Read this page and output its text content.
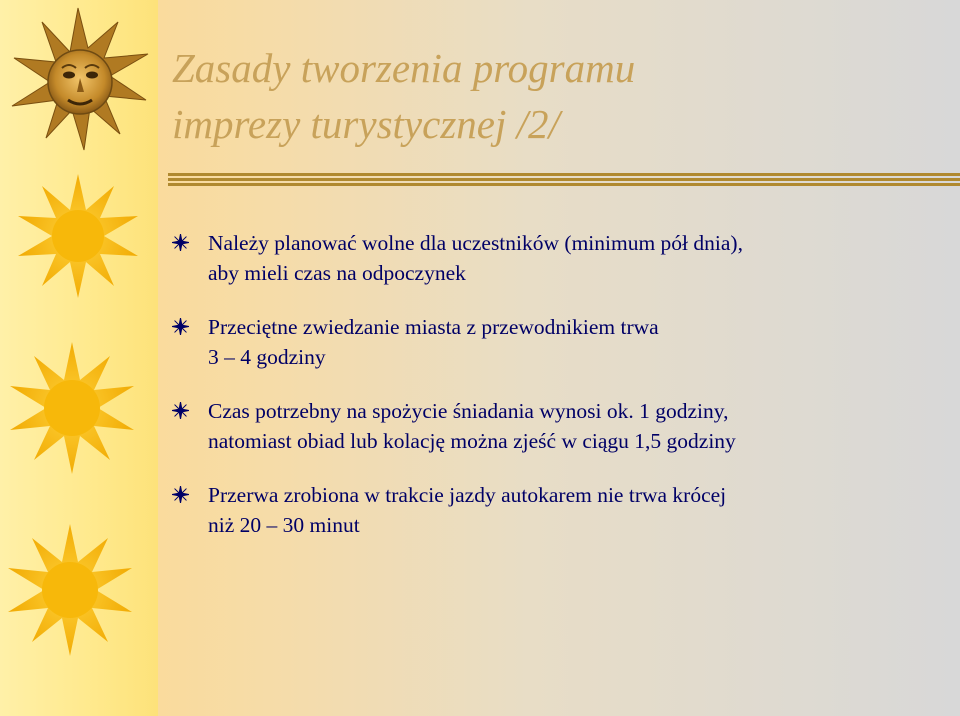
Zasady tworzenia programu
imprezy turystycznej /2/
Należy planować wolne dla uczestników (minimum pół dnia),
aby mieli czas na odpoczynek
Przeciętne zwiedzanie miasta z przewodnikiem trwa
3 – 4 godziny
Czas potrzebny na spożycie śniadania wynosi ok. 1 godziny,
natomiast obiad lub kolację można zjeść w ciągu 1,5 godziny
Przerwa zrobiona w trakcie jazdy autokarem nie trwa krócej
niż 20 – 30 minut
